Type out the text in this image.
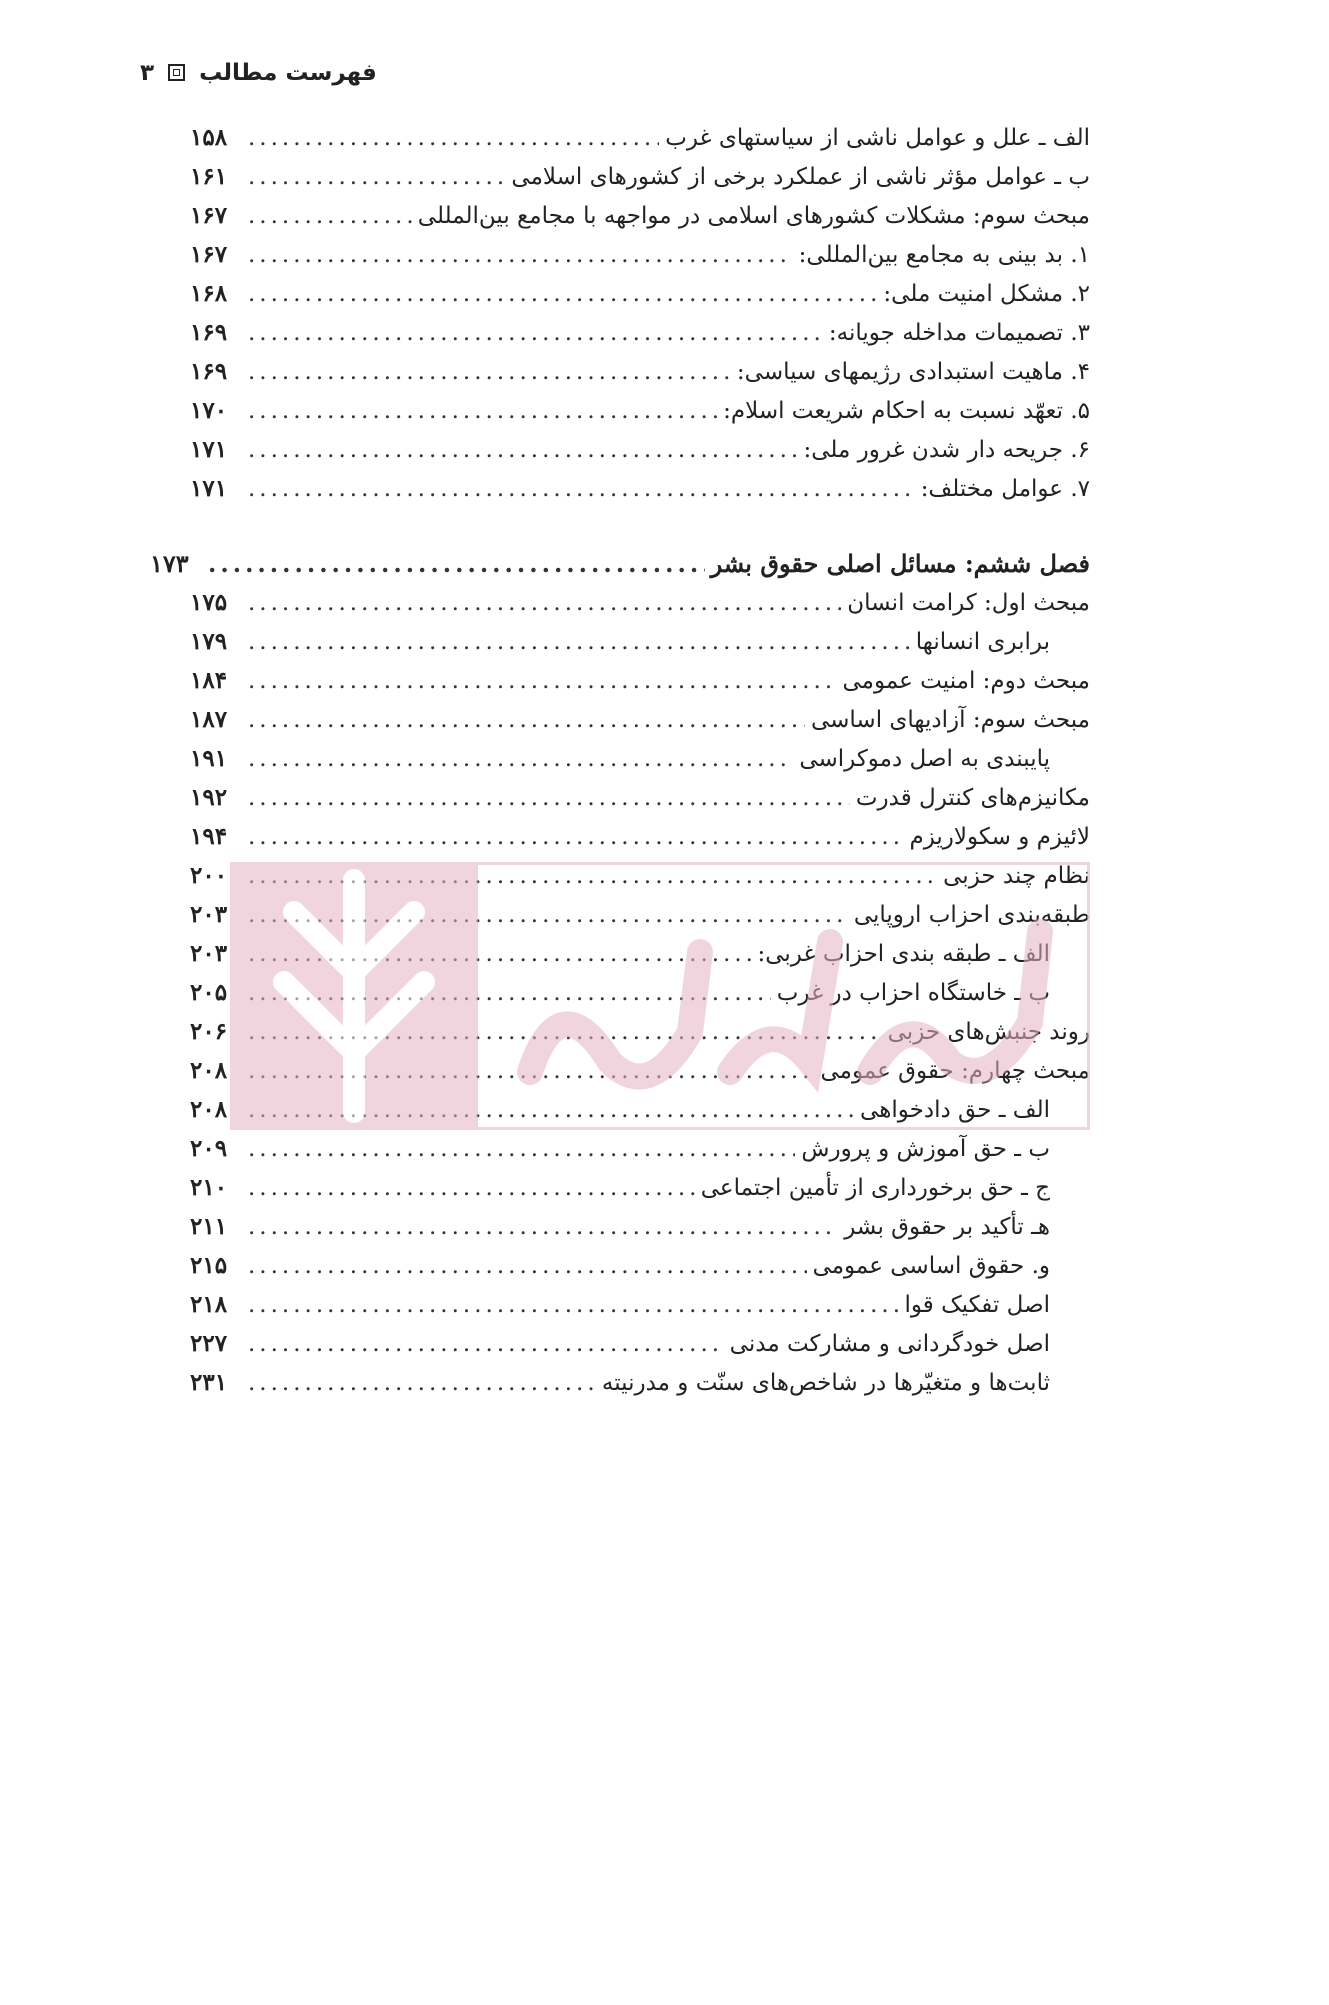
فهرست مطالب  ۳
الف ـ علل و عوامل ناشی از سیاستهای غرب
.....
۱۵۸
ب ـ عوامل مؤثر ناشی از عملکرد برخی از کشورهای اسلامی
.....
۱۶۱
مبحث سوم: مشکلات کشورهای اسلامی در مواجهه با مجامع بین‌المللی
.....
۱۶۷
۱. بد بینی به مجامع بین‌المللی:
.....
۱۶۷
۲. مشکل امنیت ملی:
.....
۱۶۸
۳. تصمیمات مداخله جویانه:
.....
۱۶۹
۴. ماهیت استبدادی رژیمهای سیاسی:
.....
۱۶۹
۵. تعهّد نسبت به احکام شریعت اسلام:
.....
۱۷۰
۶. جریحه دار شدن غرور ملی:
.....
۱۷۱
۷. عوامل مختلف:
.....
۱۷۱
فصل ششم: مسائل اصلی حقوق بشر
.....
۱۷۳
مبحث اول: کرامت انسان
.....
۱۷۵
برابری انسانها
.....
۱۷۹
مبحث دوم: امنیت عمومی
.....
۱۸۴
مبحث سوم: آزادیهای اساسی
.....
۱۸۷
پایبندی به اصل دموکراسی
.....
۱۹۱
مکانیزم‌های کنترل قدرت
.....
۱۹۲
لائیزم و سکولاریزم
.....
۱۹۴
نظام چند حزبی
.....
۲۰۰
طبقه‌بندی احزاب اروپایی
.....
۲۰۳
الف ـ طبقه بندی احزاب غربی:
.....
۲۰۳
ب ـ خاستگاه احزاب در غرب
.....
۲۰۵
روند جنبش‌های حزبی
.....
۲۰۶
مبحث چهارم: حقوق عمومی
.....
۲۰۸
الف ـ حق دادخواهی
.....
۲۰۸
ب ـ حق آموزش و پرورش
.....
۲۰۹
ج ـ حق برخورداری از تأمین اجتماعی
.....
۲۱۰
هـ تأکید بر حقوق بشر
.....
۲۱۱
و. حقوق اساسی عمومی
.....
۲۱۵
اصل تفکیک قوا
.....
۲۱۸
اصل خودگردانی و مشارکت مدنی
.....
۲۲۷
ثابت‌ها و متغیّرها در شاخص‌های سنّت و مدرنیته
.....
۲۳۱
